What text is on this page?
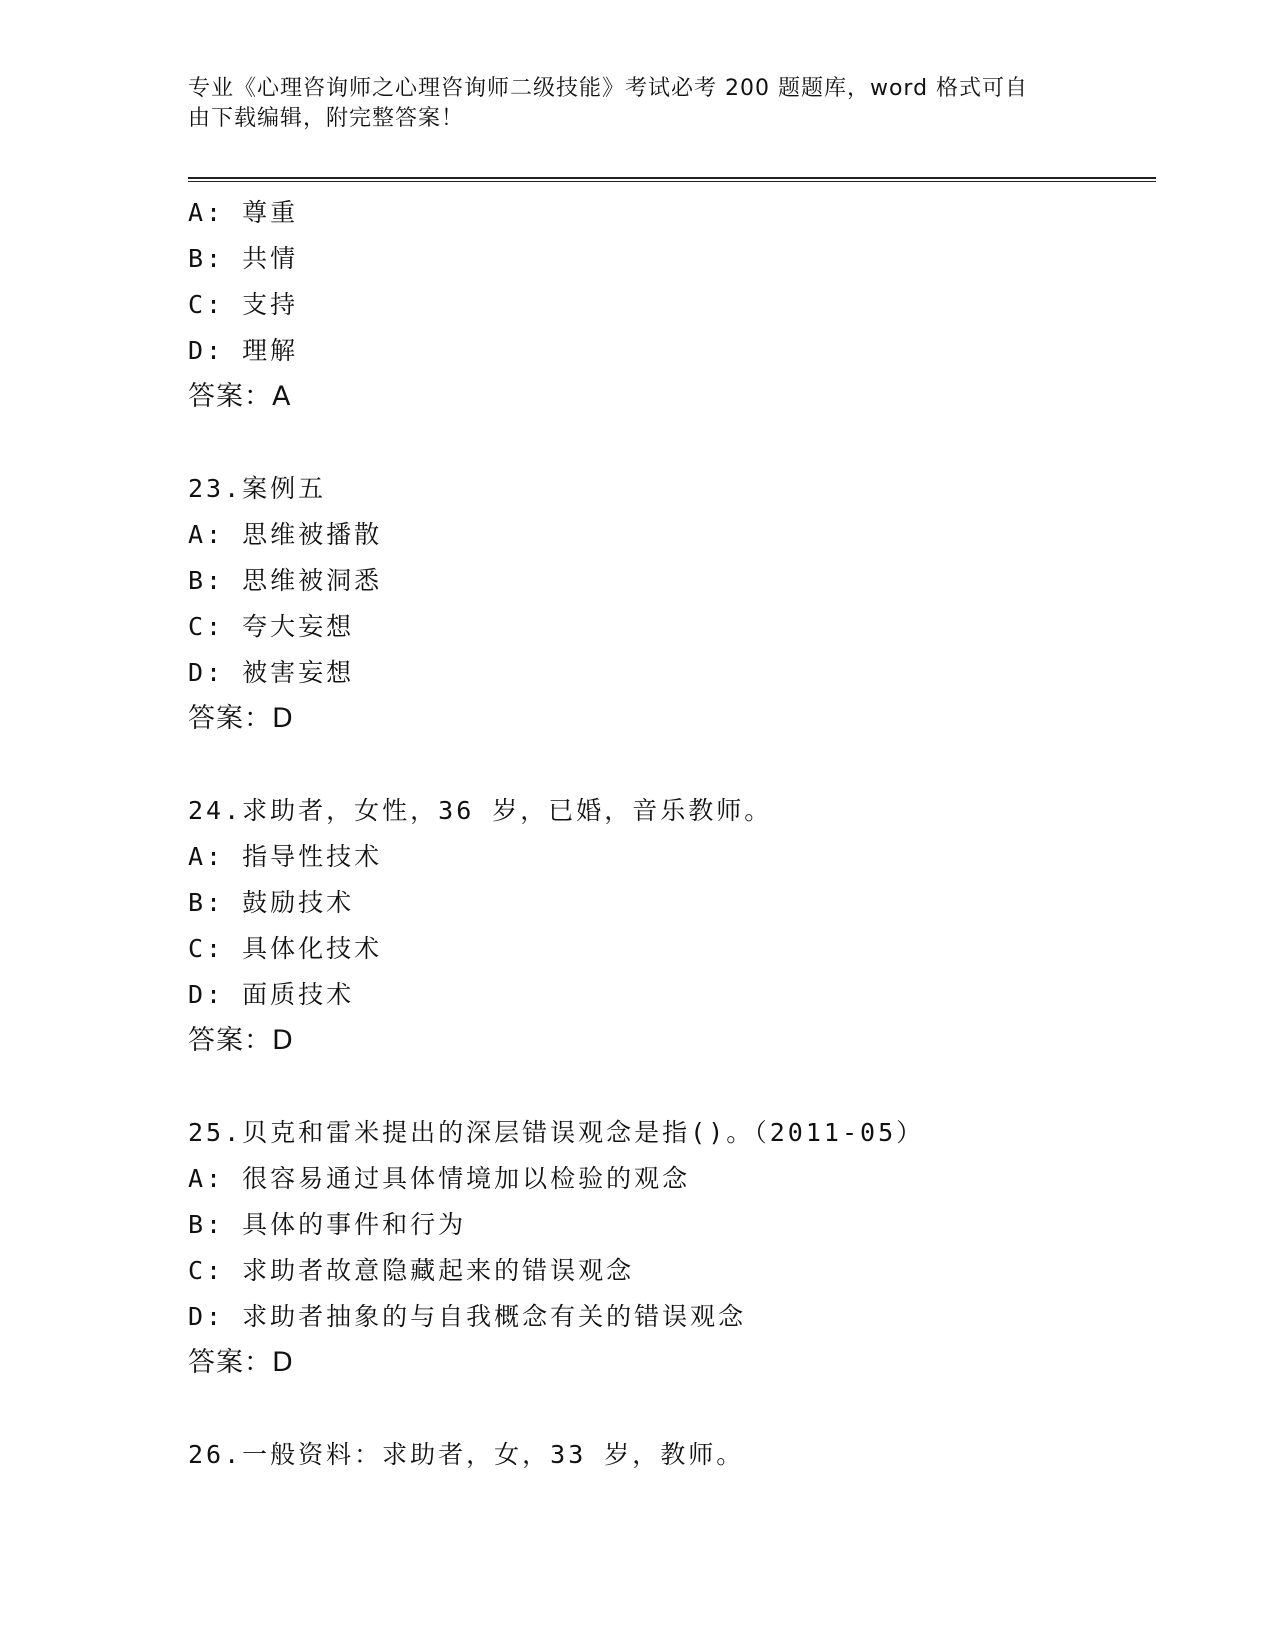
专业《心理咨询师之心理咨询师二级技能》考试必考 200 题题库，word 格式可自
由下载编辑，附完整答案！
A: 尊重
B: 共情
C: 支持
D: 理解
答案：A
23.案例五
A: 思维被播散
B: 思维被洞悉
C: 夸大妄想
D: 被害妄想
答案：D
24.求助者，女性，36 岁，已婚，音乐教师。
A: 指导性技术
B: 鼓励技术
C: 具体化技术
D: 面质技术
答案：D
25.贝克和雷米提出的深层错误观念是指()。（2011-05）
A: 很容易通过具体情境加以检验的观念
B: 具体的事件和行为
C: 求助者故意隐藏起来的错误观念
D: 求助者抽象的与自我概念有关的错误观念
答案：D
26.一般资料：求助者，女，33 岁，教师。
